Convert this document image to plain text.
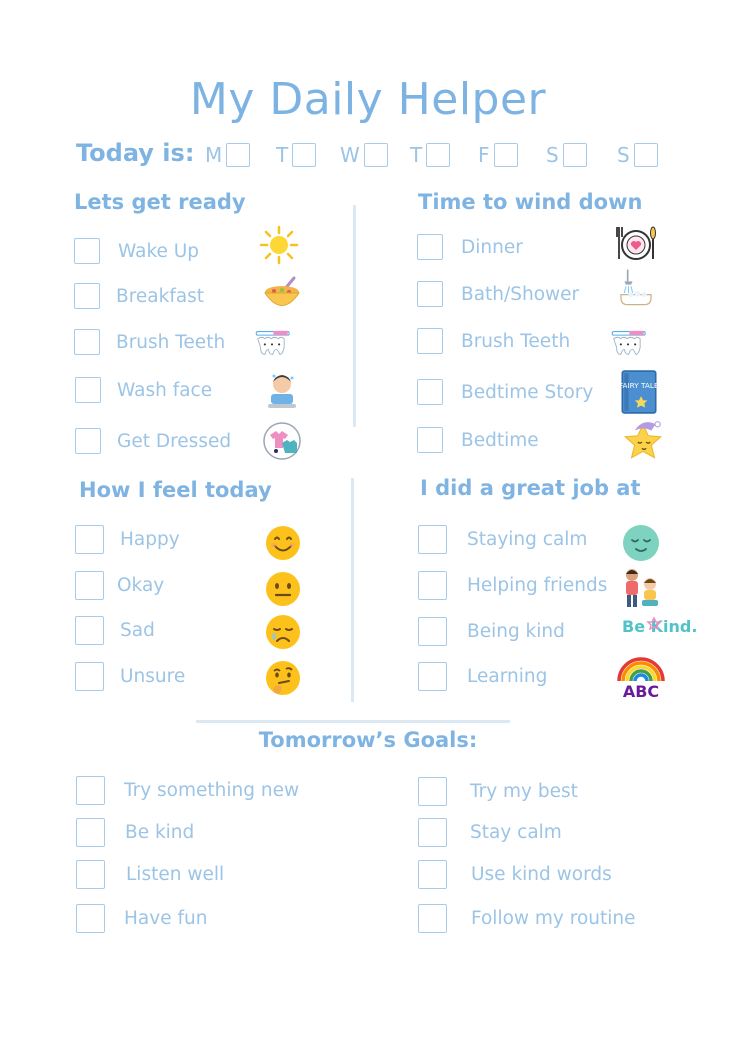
My Daily Helper
Today is: M	T	W	T	F	S	S
Lets get ready
Wake Up
Breakfast
Brush Teeth
Wash face
Get Dressed
Time to wind down
Dinner
Bath/Shower
Brush Teeth
Bedtime Story
Bedtime
FAIRY TALES
How I feel today
Happy
Okay
Sad
Unsure
I did a great job at
Staying calm
Helping friends
Being kind
Learning
Be Kind.
ABC
Tomorrow’s Goals:
Try something new
Be kind
Listen well
Have fun
Try my best
Stay calm
Use kind words
Follow my routine
